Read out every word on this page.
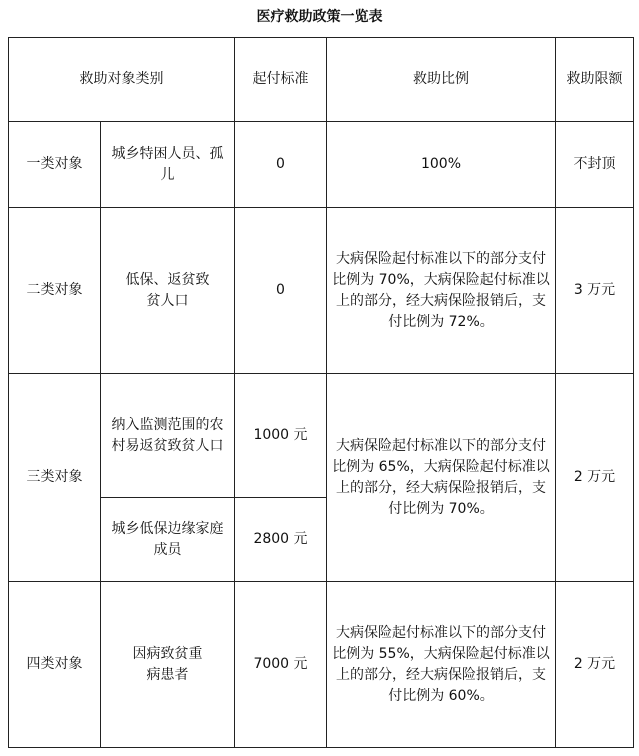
医疗救助政策一览表
救助对象类别		起付标准	救助比例	救助限额
一类对象	城乡特困人员、孤儿	0	100%	不封顶
二类对象	低保、返贫致贫人口	0	大病保险起付标准以下的部分支付比例为 70%，大病保险起付标准以上的部分，经大病保险报销后，支付比例为 72%。	3 万元
三类对象	纳入监测范围的农村易返贫致贫人口	1000 元	大病保险起付标准以下的部分支付比例为 65%，大病保险起付标准以上的部分，经大病保险报销后，支付比例为 70%。	2 万元
	城乡低保边缘家庭成员	2800 元		
四类对象	因病致贫重病患者	7000 元	大病保险起付标准以下的部分支付比例为 55%，大病保险起付标准以上的部分，经大病保险报销后，支付比例为 60%。	2 万元
